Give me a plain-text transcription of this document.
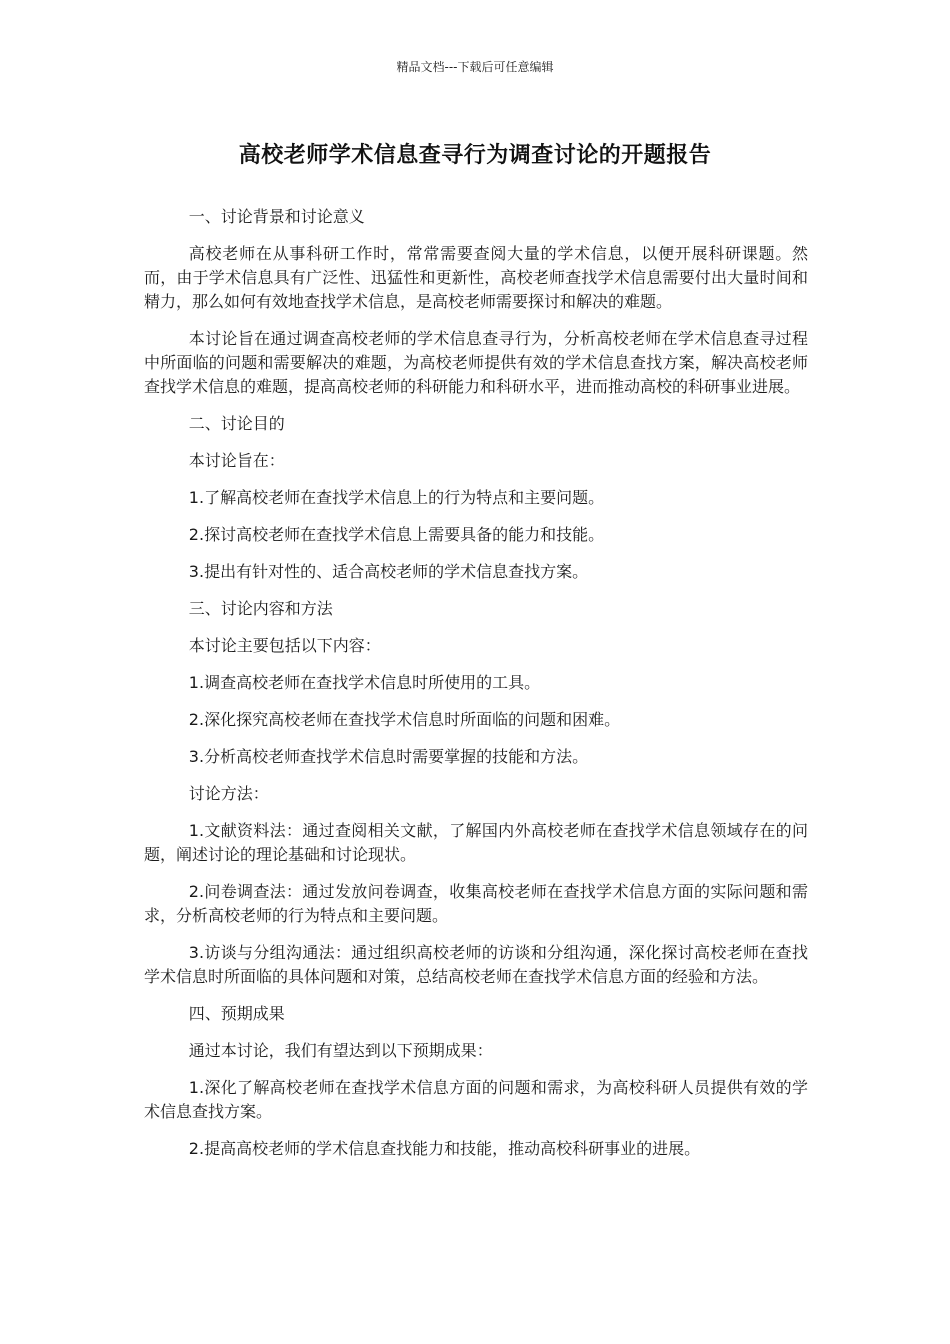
精品文档---下载后可任意编辑
高校老师学术信息查寻行为调查讨论的开题报告

一、讨论背景和讨论意义

高校老师在从事科研工作时，常常需要查阅大量的学术信息，以便开展科研课题。然而，由于学术信息具有广泛性、迅猛性和更新性，高校老师查找学术信息需要付出大量时间和精力，那么如何有效地查找学术信息，是高校老师需要探讨和解决的难题。

本讨论旨在通过调查高校老师的学术信息查寻行为，分析高校老师在学术信息查寻过程中所面临的问题和需要解决的难题，为高校老师提供有效的学术信息查找方案，解决高校老师查找学术信息的难题，提高高校老师的科研能力和科研水平，进而推动高校的科研事业进展。

二、讨论目的

本讨论旨在：

1.了解高校老师在查找学术信息上的行为特点和主要问题。

2.探讨高校老师在查找学术信息上需要具备的能力和技能。

3.提出有针对性的、适合高校老师的学术信息查找方案。

三、讨论内容和方法

本讨论主要包括以下内容：

1.调查高校老师在查找学术信息时所使用的工具。

2.深化探究高校老师在查找学术信息时所面临的问题和困难。

3.分析高校老师查找学术信息时需要掌握的技能和方法。

讨论方法：

1.文献资料法：通过查阅相关文献，了解国内外高校老师在查找学术信息领域存在的问题，阐述讨论的理论基础和讨论现状。

2.问卷调查法：通过发放问卷调查，收集高校老师在查找学术信息方面的实际问题和需求，分析高校老师的行为特点和主要问题。

3.访谈与分组沟通法：通过组织高校老师的访谈和分组沟通，深化探讨高校老师在查找学术信息时所面临的具体问题和对策，总结高校老师在查找学术信息方面的经验和方法。

四、预期成果

通过本讨论，我们有望达到以下预期成果：

1.深化了解高校老师在查找学术信息方面的问题和需求，为高校科研人员提供有效的学术信息查找方案。

2.提高高校老师的学术信息查找能力和技能，推动高校科研事业的进展。
